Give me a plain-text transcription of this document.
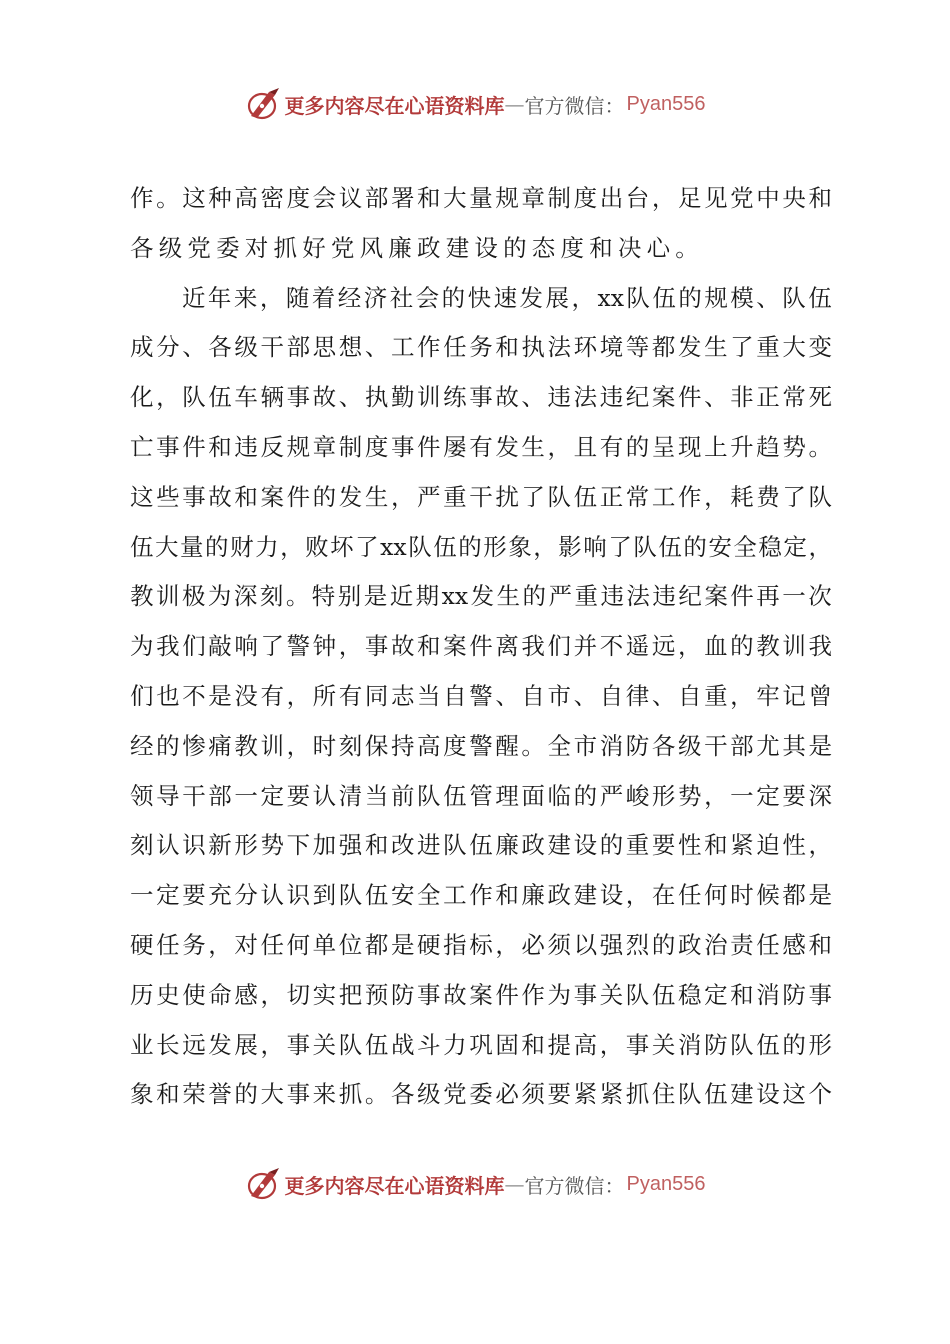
更多内容尽在心语资料库 — 官方微信： Pyan556
作 。 这 种 高 密 度 会 议 部 署 和 大 量 规 章 制 度 出 台 ， 足 见 党 中 央 和
各级党委对抓好党风廉政建设的态度和决心。

近 年 来 ， 随 着 经 济 社 会 的 快 速 发 展 ， xx 队 伍 的 规 模 、 队 伍
成 分 、 各 级 干 部 思 想 、 工 作 任 务 和 执 法 环 境 等 都 发 生 了 重 大 变
化 ， 队 伍 车 辆 事 故 、 执 勤 训 练 事 故 、 违 法 违 纪 案 件 、 非 正 常 死
亡 事 件 和 违 反 规 章 制 度 事 件 屡 有 发 生 ， 且 有 的 呈 现 上 升 趋 势 。
这 些 事 故 和 案 件 的 发 生 ， 严 重 干 扰 了 队 伍 正 常 工 作 ， 耗 费 了 队
伍 大 量 的 财 力 ， 败 坏 了 xx 队 伍 的 形 象 ， 影 响 了 队 伍 的 安 全 稳 定 ，
教 训 极 为 深 刻 。 特 别 是 近 期 xx 发 生 的 严 重 违 法 违 纪 案 件 再 一 次
为 我 们 敲 响 了 警 钟 ， 事 故 和 案 件 离 我 们 并 不 遥 远 ， 血 的 教 训 我
们 也 不 是 没 有 ， 所 有 同 志 当 自 警 、 自 市 、 自 律 、 自 重 ， 牢 记 曾
经 的 惨 痛 教 训 ， 时 刻 保 持 高 度 警 醒 。 全 市 消 防 各 级 干 部 尤 其 是
领 导 干 部 一 定 要 认 清 当 前 队 伍 管 理 面 临 的 严 峻 形 势 ， 一 定 要 深
刻 认 识 新 形 势 下 加 强 和 改 进 队 伍 廉 政 建 设 的 重 要 性 和 紧 迫 性 ，
一 定 要 充 分 认 识 到 队 伍 安 全 工 作 和 廉 政 建 设 ， 在 任 何 时 候 都 是
硬 任 务 ， 对 任 何 单 位 都 是 硬 指 标 ， 必 须 以 强 烈 的 政 治 责 任 感 和
历 史 使 命 感 ， 切 实 把 预 防 事 故 案 件 作 为 事 关 队 伍 稳 定 和 消 防 事
业 长 远 发 展 ， 事 关 队 伍 战 斗 力 巩 固 和 提 高 ， 事 关 消 防 队 伍 的 形
象 和 荣 誉 的 大 事 来 抓 。 各 级 党 委 必 须 要 紧 紧 抓 住 队 伍 建 设 这 个
更多内容尽在心语资料库 — 官方微信： Pyan556
